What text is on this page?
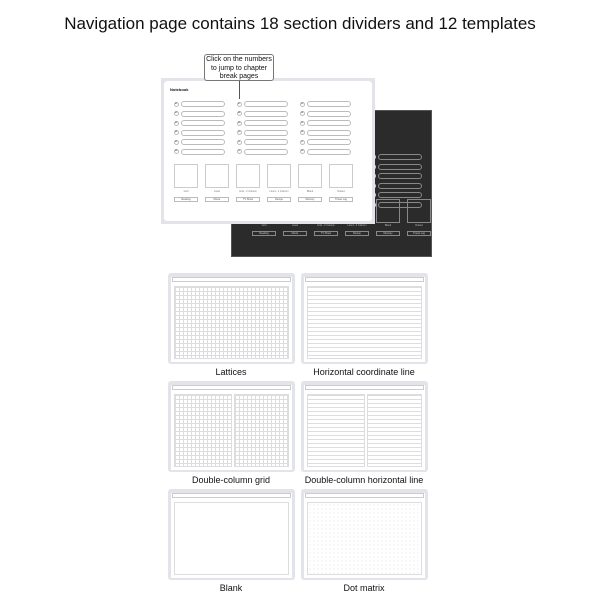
Navigation page contains 18 section dividers and 12 templates
Grid
Reading
Lined
Movie
Grid - 2 Column
TV Show
Lined - 2 Column
Recipe
Blank
Memory
Dotted
Travel Log
Notebook
01
02
03
04
05
06
07
08
09
10
11
12
13
14
15
16
17
18
Grid
Reading
Lined
Movie
Grid - 2 Column
TV Show
Lined - 2 Column
Recipe
Blank
Memory
Dotted
Travel Log
Click on the numbers to jump to chapter break pages
Lattices	Horizontal coordinate line
Double-column grid	Double-column horizontal line
Blank	Dot matrix
